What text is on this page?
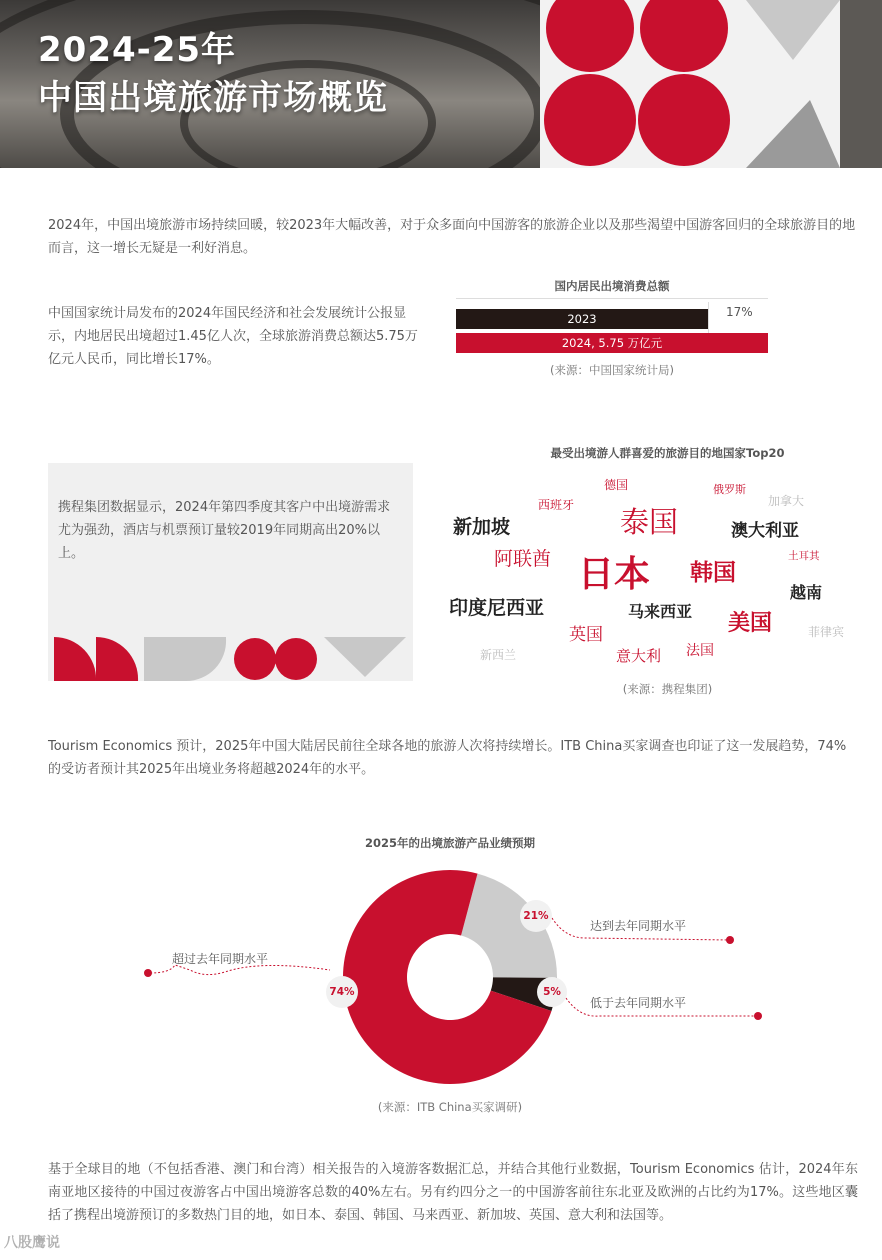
2024-25年
中国出境旅游市场概览
2024年，中国出境旅游市场持续回暖，较2023年大幅改善，对于众多面向中国游客的旅游企业以及那些渴望中国游客回归的全球旅游目的地而言，这一增长无疑是一利好消息。
中国国家统计局发布的2024年国民经济和社会发展统计公报显示，内地居民出境超过1.45亿人次，全球旅游消费总额达5.75万亿元人民币，同比增长17%。
国内居民出境消费总额
2023	17%
2024, 5.75 万亿元
(来源：中国国家统计局)
携程集团数据显示，2024年第四季度其客户中出境游需求尤为强劲，酒店与机票预订量较2019年同期高出20%以上。
最受出境游人群喜爱的旅游目的地国家Top20
日本
泰国
韩国
新加坡
印度尼西亚	马来西亚 美国
澳大利亚
越南
阿联酋
英国
意大利 法国
德国
西班牙
俄罗斯
加拿大
土耳其
新西兰
菲律宾
(来源：携程集团)
Tourism Economics 预计，2025年中国大陆居民前往全球各地的旅游人次将持续增长。ITB China买家调查也印证了这一发展趋势，74%的受访者预计其2025年出境业务将超越2024年的水平。
2025年的出境旅游产品业绩预期
74%
21%
5%
超过去年同期水平
达到去年同期水平
低于去年同期水平
(来源：ITB China买家调研)
基于全球目的地（不包括香港、澳门和台湾）相关报告的入境游客数据汇总，并结合其他行业数据，Tourism Economics 估计，2024年东南亚地区接待的中国过夜游客占中国出境游客总数的40%左右。另有约四分之一的中国游客前往东北亚及欧洲的占比约为17%。这些地区囊括了携程出境游预订的多数热门目的地，如日本、泰国、韩国、马来西亚、新加坡、英国、意大利和法国等。
八股鹰说
